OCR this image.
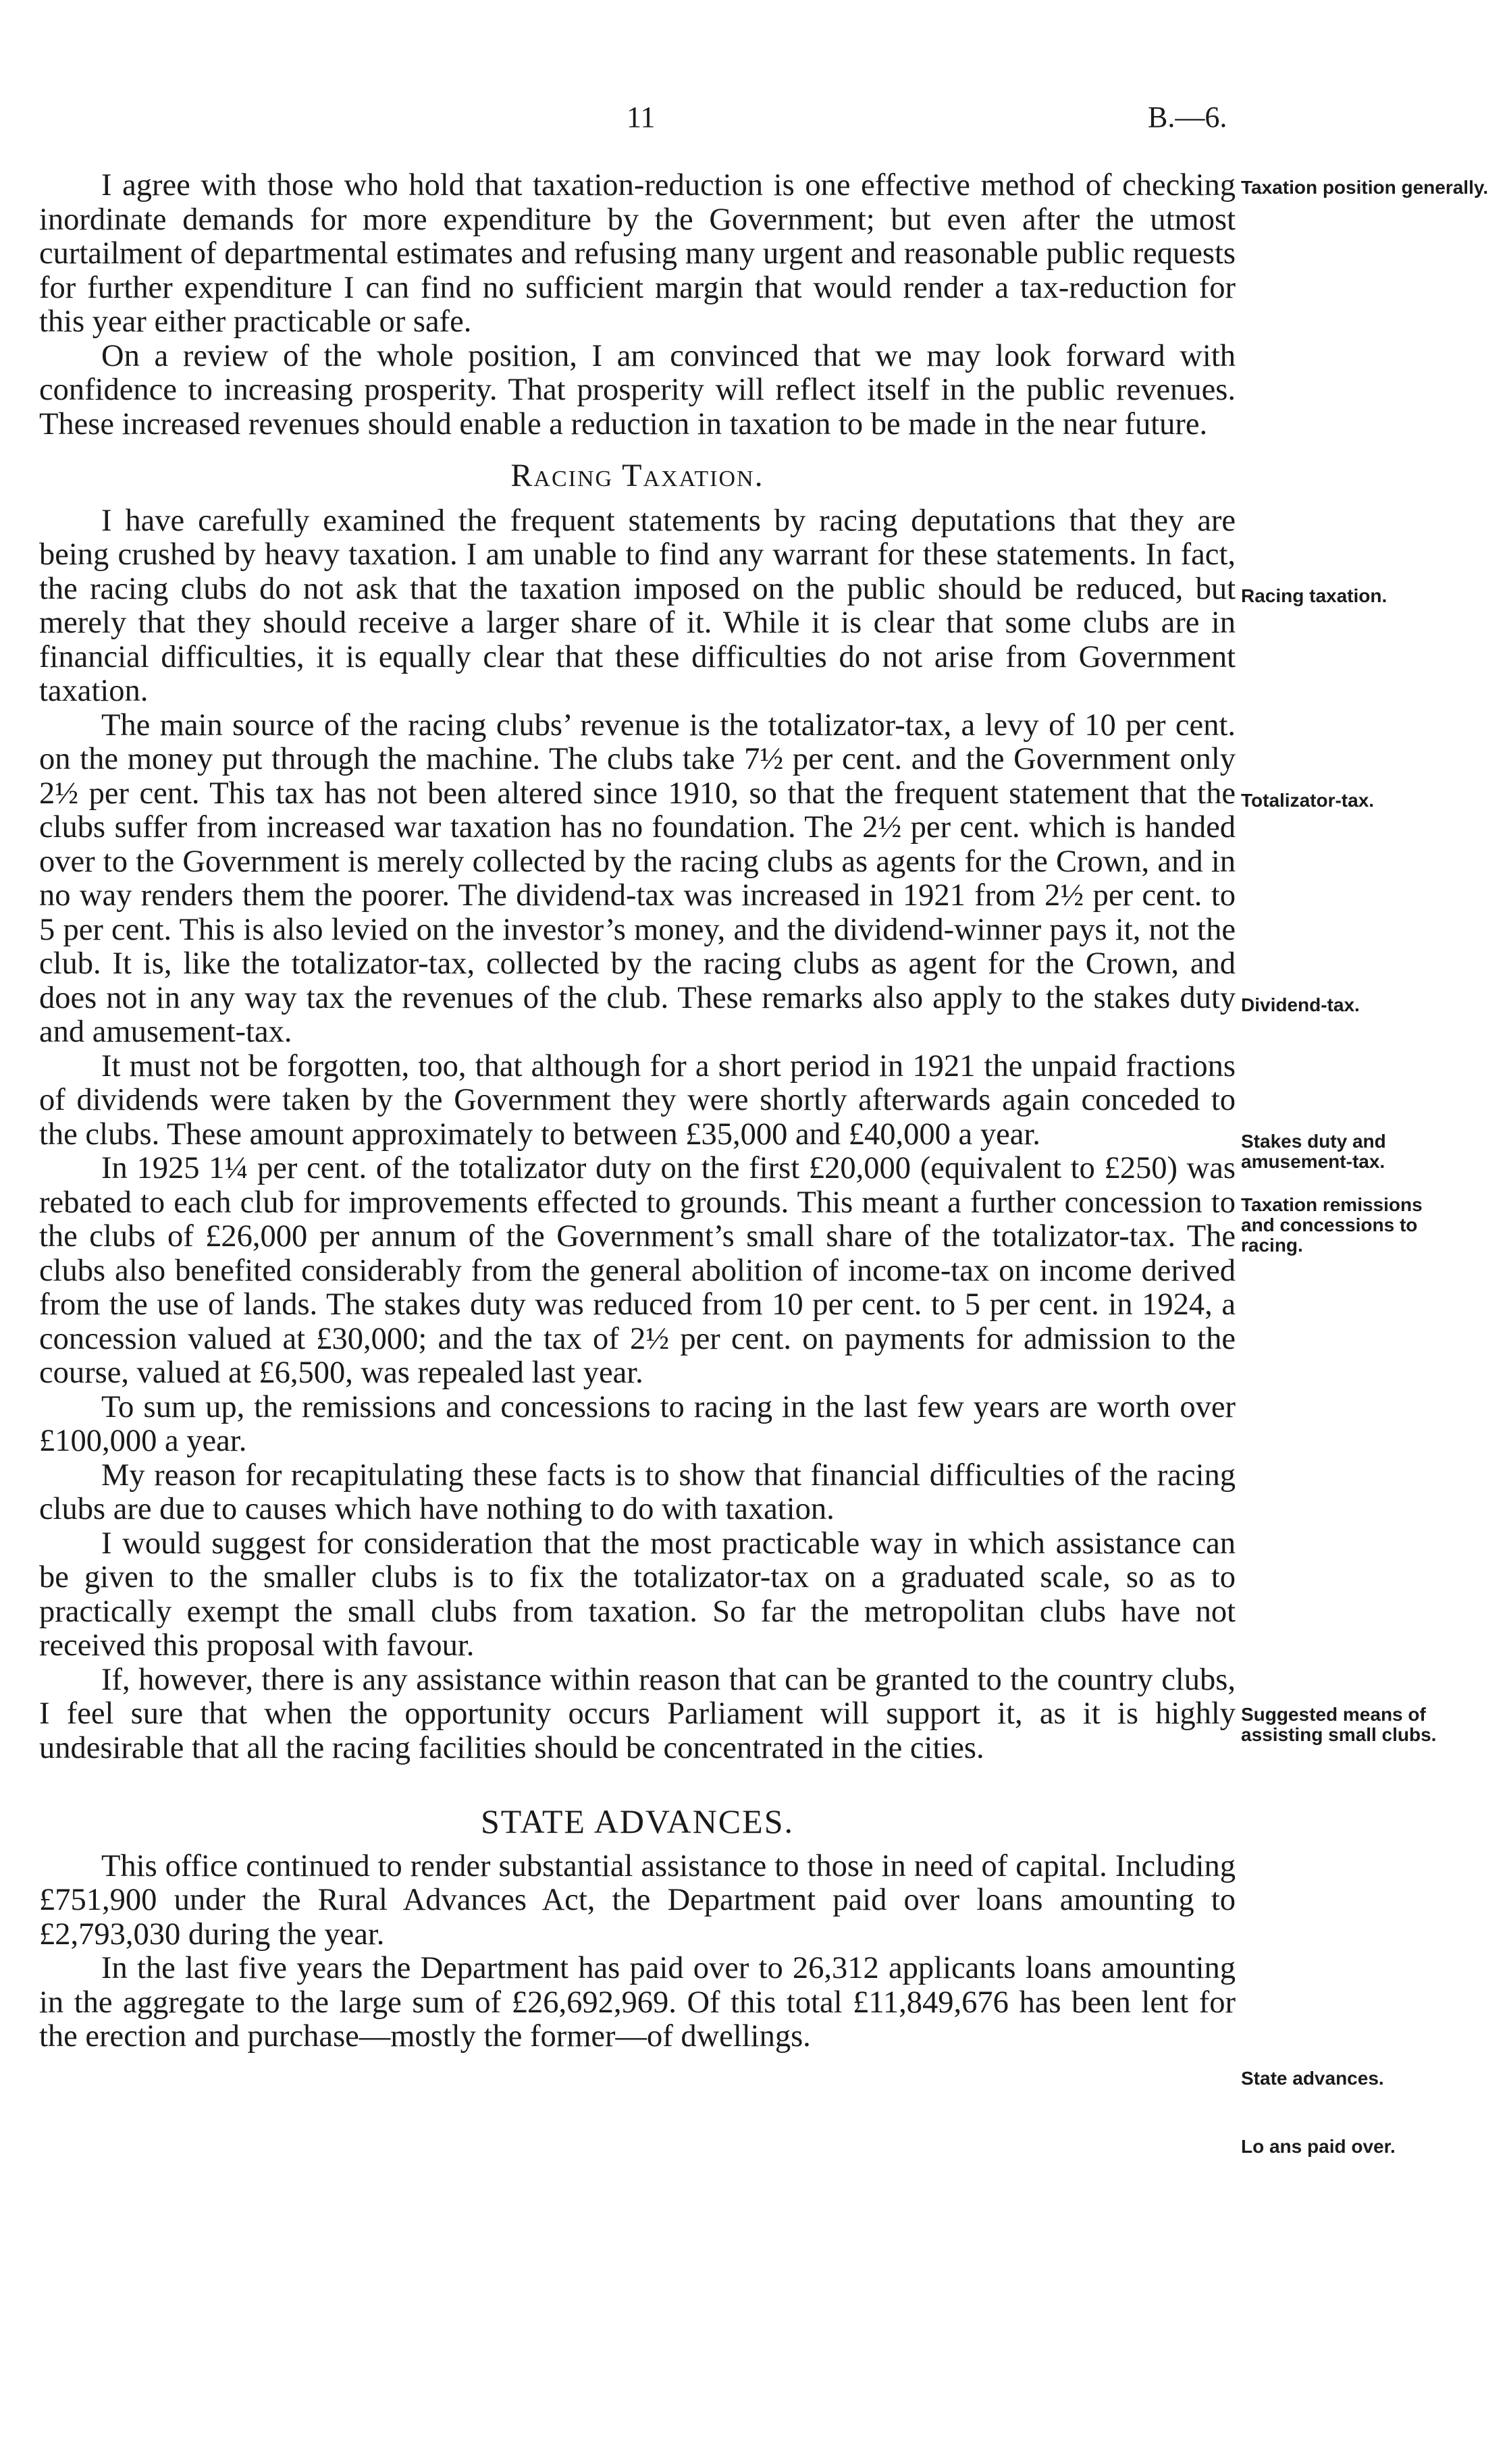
11	B.—6.

I agree with those who hold that taxation-reduction is one effective method of checking inordinate demands for more expenditure by the Government; but even after the utmost curtailment of departmental estimates and refusing many urgent and reasonable public requests for further expenditure I can find no sufficient margin that would render a tax-reduction for this year either practicable or safe.

On a review of the whole position, I am convinced that we may look forward with confidence to increasing prosperity. That prosperity will reflect itself in the public revenues. These increased revenues should enable a reduction in taxation to be made in the near future.

Racing Taxation.

I have carefully examined the frequent statements by racing deputations that they are being crushed by heavy taxation. I am unable to find any warrant for these statements. In fact, the racing clubs do not ask that the taxation imposed on the public should be reduced, but merely that they should receive a larger share of it. While it is clear that some clubs are in financial difficulties, it is equally clear that these difficulties do not arise from Government taxation.

The main source of the racing clubs’ revenue is the totalizator-tax, a levy of 10 per cent. on the money put through the machine. The clubs take 7½ per cent. and the Government only 2½ per cent. This tax has not been altered since 1910, so that the frequent statement that the clubs suffer from increased war taxation has no foundation. The 2½ per cent. which is handed over to the Government is merely collected by the racing clubs as agents for the Crown, and in no way renders them the poorer. The dividend-tax was increased in 1921 from 2½ per cent. to 5 per cent. This is also levied on the investor’s money, and the dividend-winner pays it, not the club. It is, like the totalizator-tax, collected by the racing clubs as agent for the Crown, and does not in any way tax the revenues of the club. These remarks also apply to the stakes duty and amusement-tax.

It must not be forgotten, too, that although for a short period in 1921 the unpaid fractions of dividends were taken by the Government they were shortly afterwards again conceded to the clubs. These amount approximately to between £35,000 and £40,000 a year.

In 1925 1¼ per cent. of the totalizator duty on the first £20,000 (equivalent to £250) was rebated to each club for improvements effected to grounds. This meant a further concession to the clubs of £26,000 per annum of the Government’s small share of the totalizator-tax. The clubs also benefited considerably from the general abolition of income-tax on income derived from the use of lands. The stakes duty was reduced from 10 per cent. to 5 per cent. in 1924, a concession valued at £30,000; and the tax of 2½ per cent. on payments for admission to the course, valued at £6,500, was repealed last year.

To sum up, the remissions and concessions to racing in the last few years are worth over £100,000 a year.

My reason for recapitulating these facts is to show that financial difficulties of the racing clubs are due to causes which have nothing to do with taxation.

I would suggest for consideration that the most practicable way in which assistance can be given to the smaller clubs is to fix the totalizator-tax on a graduated scale, so as to practically exempt the small clubs from taxation. So far the metropolitan clubs have not received this proposal with favour.

If, however, there is any assistance within reason that can be granted to the country clubs, I feel sure that when the opportunity occurs Parliament will support it, as it is highly undesirable that all the racing facilities should be concentrated in the cities.

STATE ADVANCES.

This office continued to render substantial assistance to those in need of capital. Including £751,900 under the Rural Advances Act, the Department paid over loans amounting to £2,793,030 during the year.

In the last five years the Department has paid over to 26,312 applicants loans amounting in the aggregate to the large sum of £26,692,969. Of this total £11,849,676 has been lent for the erection and purchase—mostly the former—of dwellings.

Taxation position generally.
Racing taxation.
Totalizator-tax.
Dividend-tax.
Stakes duty and amusement-tax.
Taxation remissions and concessions to racing.
Suggested means of assisting small clubs.
State advances.
Lo ans paid over.
